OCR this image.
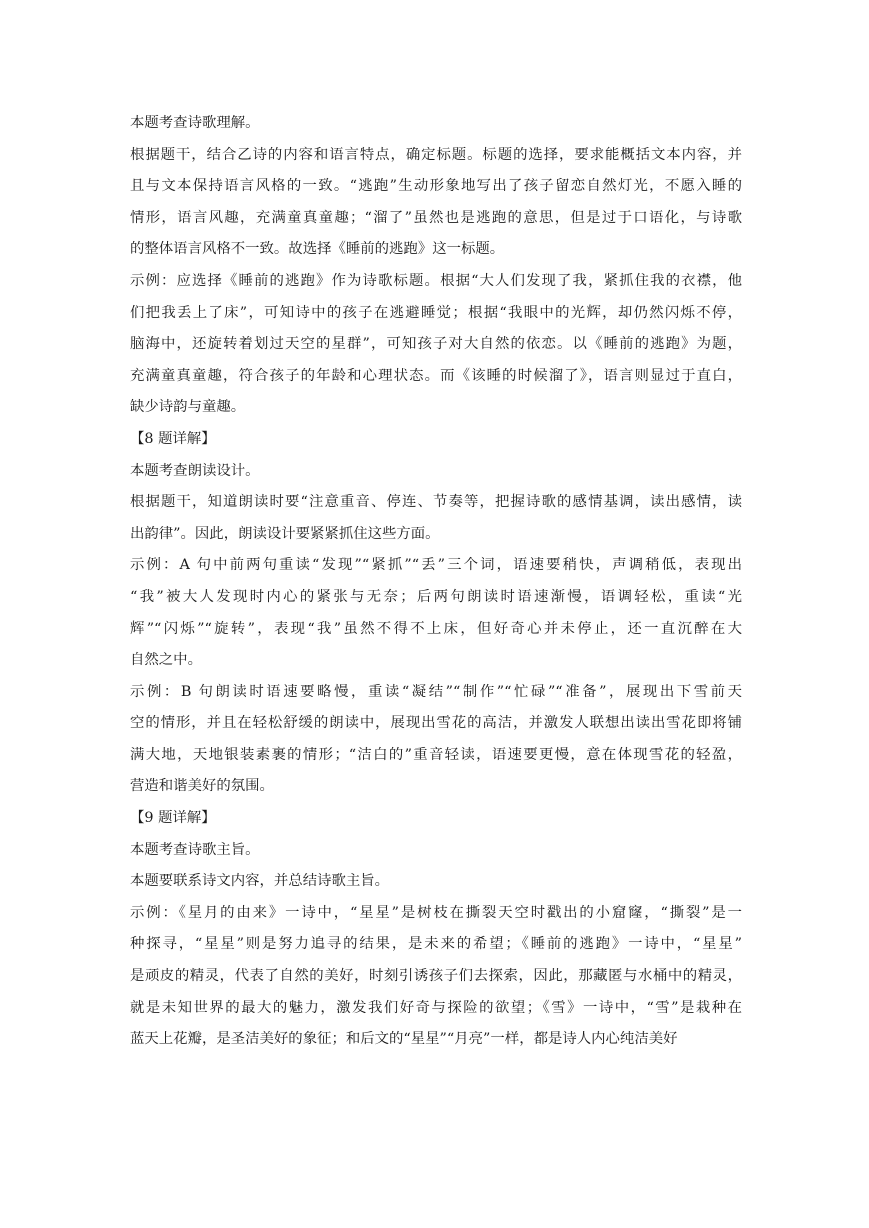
本题考查诗歌理解。
根据题干，结合乙诗的内容和语言特点，确定标题。标题的选择，要求能概括文本内容，并
且与文本保持语言风格的一致。“逃跑”生动形象地写出了孩子留恋自然灯光，不愿入睡的
情形，语言风趣，充满童真童趣；“溜了”虽然也是逃跑的意思，但是过于口语化，与诗歌
的整体语言风格不一致。故选择《睡前的逃跑》这一标题。
示例：应选择《睡前的逃跑》作为诗歌标题。根据“大人们发现了我，紧抓住我的衣襟，他
们把我丢上了床”，可知诗中的孩子在逃避睡觉；根据“我眼中的光辉，却仍然闪烁不停，
脑海中，还旋转着划过天空的星群”，可知孩子对大自然的依恋。以《睡前的逃跑》为题，
充满童真童趣，符合孩子的年龄和心理状态。而《该睡的时候溜了》，语言则显过于直白，
缺少诗韵与童趣。
【8 题详解】
本题考查朗读设计。
根据题干，知道朗读时要“注意重音、停连、节奏等，把握诗歌的感情基调，读出感情，读
出韵律”。因此，朗读设计要紧紧抓住这些方面。
示例：A 句中前两句重读“发现”“紧抓”“丢”三个词，语速要稍快，声调稍低，表现出
“我”被大人发现时内心的紧张与无奈；后两句朗读时语速渐慢，语调轻松，重读“光
辉”“闪烁”“旋转”，表现“我”虽然不得不上床，但好奇心并未停止，还一直沉醉在大
自然之中。
示例：B 句朗读时语速要略慢，重读“凝结”“制作”“忙碌”“准备”，展现出下雪前天
空的情形，并且在轻松舒缓的朗读中，展现出雪花的高洁，并激发人联想出读出雪花即将铺
满大地，天地银装素裹的情形；“洁白的”重音轻读，语速要更慢，意在体现雪花的轻盈，
营造和谐美好的氛围。
【9 题详解】
本题考查诗歌主旨。
本题要联系诗文内容，并总结诗歌主旨。
示例：《星月的由来》一诗中，“星星”是树枝在撕裂天空时戳出的小窟窿，“撕裂”是一
种探寻，“星星”则是努力追寻的结果，是未来的希望；《睡前的逃跑》一诗中，“星星”
是顽皮的精灵，代表了自然的美好，时刻引诱孩子们去探索，因此，那藏匿与水桶中的精灵，
就是未知世界的最大的魅力，激发我们好奇与探险的欲望；《雪》一诗中，“雪”是栽种在
蓝天上花瓣，是圣洁美好的象征；和后文的“星星”“月亮”一样，都是诗人内心纯洁美好
